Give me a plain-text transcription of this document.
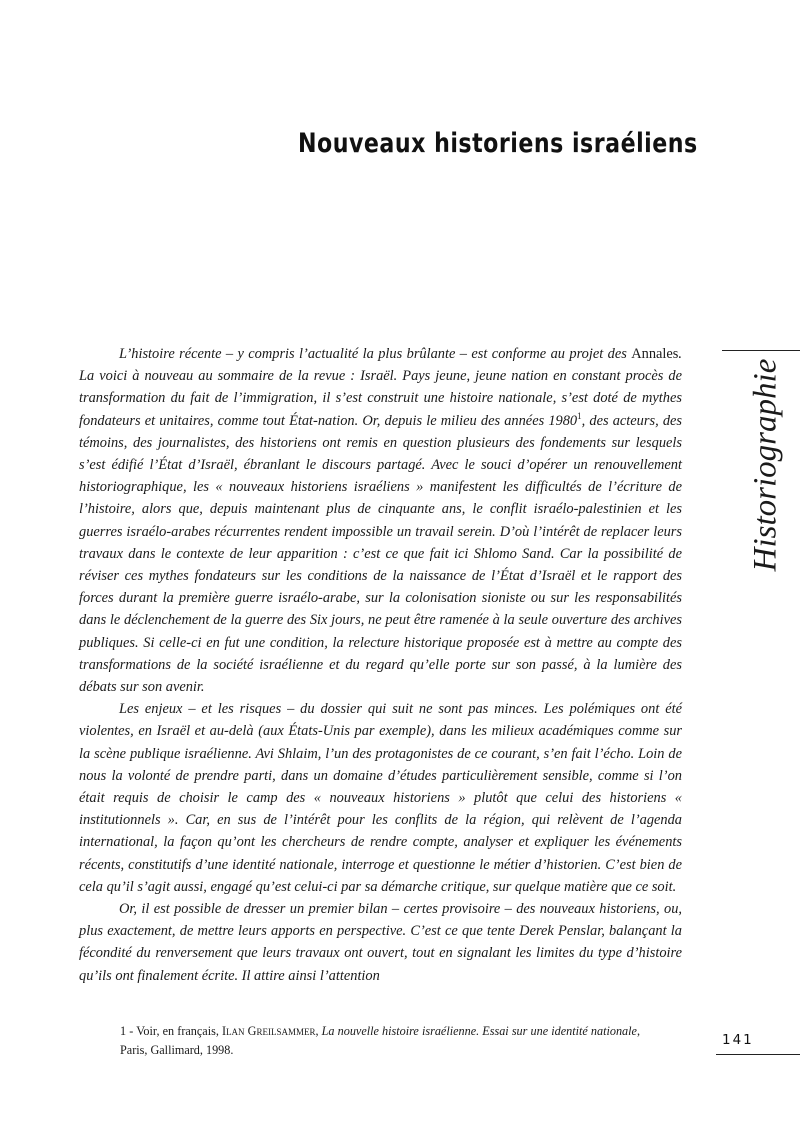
Nouveaux historiens israéliens
Historiographie

L’histoire récente – y compris l’actualité la plus brûlante – est conforme au projet des Annales. La voici à nouveau au sommaire de la revue : Israël. Pays jeune, jeune nation en constant procès de transformation du fait de l’immigration, il s’est construit une histoire nationale, s’est doté de mythes fondateurs et unitaires, comme tout État-nation. Or, depuis le milieu des années 1980$^1$, des acteurs, des témoins, des journalistes, des historiens ont remis en question plusieurs des fondements sur lesquels s’est édifié l’État d’Israël, ébranlant le discours partagé. Avec le souci d’opérer un renouvellement historiographique, les « nouveaux historiens israéliens » manifestent les difficultés de l’écriture de l’histoire, alors que, depuis maintenant plus de cinquante ans, le conflit israélo-palestinien et les guerres israélo-arabes récurrentes rendent impossible un travail serein. D’où l’intérêt de replacer leurs travaux dans le contexte de leur apparition : c’est ce que fait ici Shlomo Sand. Car la possibilité de réviser ces mythes fondateurs sur les conditions de la naissance de l’État d’Israël et le rapport des forces durant la première guerre israélo-arabe, sur la colonisation sioniste ou sur les responsabilités dans le déclenchement de la guerre des Six jours, ne peut être ramenée à la seule ouverture des archives publiques. Si celle-ci en fut une condition, la relecture historique proposée est à mettre au compte des transformations de la société israélienne et du regard qu’elle porte sur son passé, à la lumière des débats sur son avenir.

Les enjeux – et les risques – du dossier qui suit ne sont pas minces. Les polémiques ont été violentes, en Israël et au-delà (aux États-Unis par exemple), dans les milieux académiques comme sur la scène publique israélienne. Avi Shlaim, l’un des protagonistes de ce courant, s’en fait l’écho. Loin de nous la volonté de prendre parti, dans un domaine d’études particulièrement sensible, comme si l’on était requis de choisir le camp des « nouveaux historiens » plutôt que celui des historiens « institutionnels ». Car, en sus de l’intérêt pour les conflits de la région, qui relèvent de l’agenda international, la façon qu’ont les chercheurs de rendre compte, analyser et expliquer les événements récents, constitutifs d’une identité nationale, interroge et questionne le métier d’historien. C’est bien de cela qu’il s’agit aussi, engagé qu’est celui-ci par sa démarche critique, sur quelque matière que ce soit.

Or, il est possible de dresser un premier bilan – certes provisoire – des nouveaux historiens, ou, plus exactement, de mettre leurs apports en perspective. C’est ce que tente Derek Penslar, balançant la fécondité du renversement que leurs travaux ont ouvert, tout en signalant les limites du type d’histoire qu’ils ont finalement écrite. Il attire ainsi l’attention

1 - Voir, en français, Ilan Greilsammer, La nouvelle histoire israélienne. Essai sur une identité nationale, Paris, Gallimard, 1998.

141
